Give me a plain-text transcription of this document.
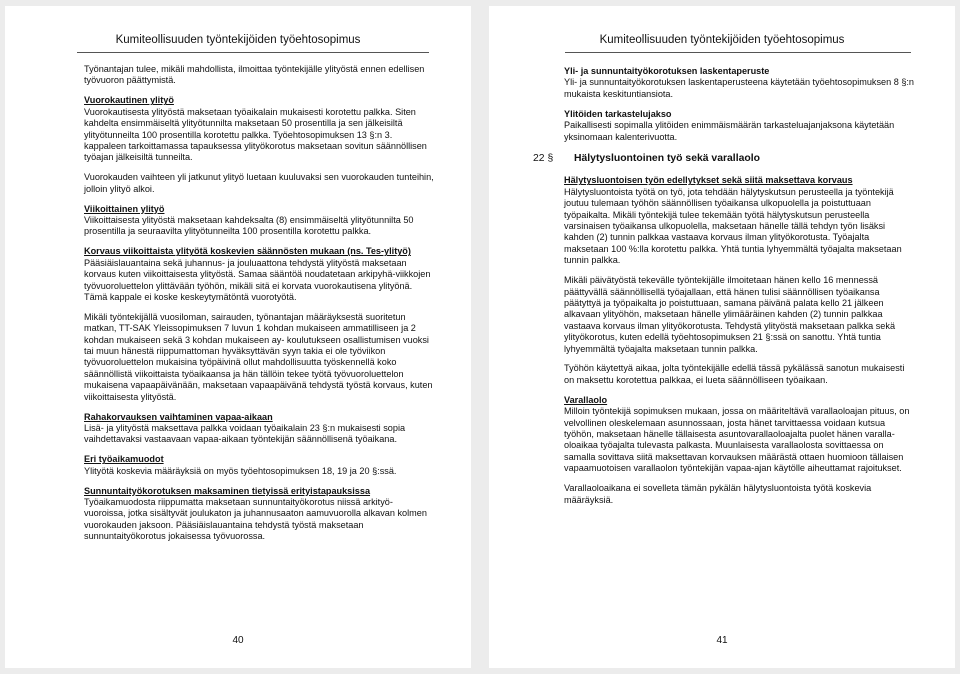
Kumiteollisuuden työntekijöiden työehtosopimus

Työnantajan tulee, mikäli mahdollista, ilmoittaa työntekijälle ylityöstä ennen edellisen työvuoron päättymistä.

Vuorokautinen ylityö
Vuorokautisesta ylityöstä maksetaan työaikalain mukaisesti korotettu palkka. Siten kahdelta ensimmäiseltä ylityötunnilta maksetaan 50 prosentilla ja sen jälkeisiltä ylityötunneilta 100 prosentilla korotettu palkka. Työehtosopimuksen 13 §:n 3. kappaleen tarkoittamassa tapauksessa ylityökorotus maksetaan sovitun säännöllisen työajan jälkeisiltä tunneilta.

Vuorokauden vaihteen yli jatkunut ylityö luetaan kuuluvaksi sen vuorokauden tunteihin, jolloin ylityö alkoi.

Viikoittainen ylityö
Viikoittaisesta ylityöstä maksetaan kahdeksalta (8) ensimmäiseltä ylityötunnilta 50 prosentilla ja seuraavilta ylityötunneilta 100 prosentilla korotettu palkka.

Korvaus viikoittaista ylityötä koskevien säännösten mukaan (ns. Tes-ylityö)
Pääsiäislauantaina sekä juhannus- ja jouluaattona tehdystä ylityöstä maksetaan korvaus kuten viikoittaisesta ylityöstä. Samaa sääntöä noudatetaan arkipyhä-viikkojen työvuoroluettelon ylittävään työhön, mikäli sitä ei korvata vuorokautisena ylityönä. Tämä kappale ei koske keskeytymätöntä vuorotyötä.

Mikäli työntekijällä vuosiloman, sairauden, työnantajan määräyksestä suoritetun matkan, TT-SAK Yleissopimuksen 7 luvun 1 kohdan mukaiseen ammatilliseen ja 2 kohdan mukaiseen sekä 3 kohdan mukaiseen ay- koulutukseen osallistumisen vuoksi tai muun hänestä riippumattoman hyväksyttävän syyn takia ei ole työviikon työvuoroluettelon mukaisina työpäivinä ollut mahdollisuutta työskennellä koko säännöllistä viikoittaista työaikaansa ja hän tällöin tekee työtä työvuoroluettelon mukaisena vapaapäivänään, maksetaan vapaapäivänä tehdystä työstä korvaus, kuten viikoittaisesta ylityöstä.

Rahakorvauksen vaihtaminen vapaa-aikaan
Lisä- ja ylityöstä maksettava palkka voidaan työaikalain 23 §:n mukaisesti sopia vaihdettavaksi vastaavaan vapaa-aikaan työntekijän säännöllisenä työaikana.

Eri työaikamuodot
Ylityötä koskevia määräyksiä on myös työehtosopimuksen 18, 19 ja 20 §:ssä.

Sunnuntaityökorotuksen maksaminen tietyissä erityistapauksissa
Työaikamuodosta riippumatta maksetaan sunnuntaityökorotus niissä arkityö-vuoroissa, jotka sisältyvät joulukaton ja juhannusaaton aamuvuorolla alkavan kolmen vuorokauden jaksoon. Pääsiäislauantaina tehdystä työstä maksetaan sunnuntaityökorotus jokaisessa työvuorossa.

40
Kumiteollisuuden työntekijöiden työehtosopimus

Yli- ja sunnuntaityökorotuksen laskentaperuste
Yli- ja sunnuntaityökorotuksen laskentaperusteena käytetään työehtosopimuksen 8 §:n mukaista keskituntiansiota.

Ylitöiden tarkastelujakso
Paikallisesti sopimalla ylitöiden enimmäismäärän tarkasteluajanjaksona käytetään yksinomaan kalenterivuotta.

22 § Hälytysluontoinen työ sekä varallaolo

Hälytysluontoisen työn edellytykset sekä siitä maksettava korvaus
Hälytysluontoista työtä on työ, jota tehdään hälytyskutsun perusteella ja työntekijä joutuu tulemaan työhön säännöllisen työaikansa ulkopuolella ja poistuttuaan työpaikalta. Mikäli työntekijä tulee tekemään työtä hälytyskutsun perusteella varsinaisen työaikansa ulkopuolella, maksetaan hänelle tällä tehdyn työn lisäksi kahden (2) tunnin palkkaa vastaava korvaus ilman ylityökorotusta. Työajalta maksetaan 100 %:lla korotettu palkka. Yhtä tuntia lyhyemmältä työajalta maksetaan tunnin palkka.

Mikäli päivätyöstä tekevälle työntekijälle ilmoitetaan hänen kello 16 mennessä päättyvällä säännöllisellä työajallaan, että hänen tulisi säännöllisen työaikansa päätyttyä ja työpaikalta jo poistuttuaan, samana päivänä palata kello 21 jälkeen alkavaan ylityöhön, maksetaan hänelle ylimääräinen kahden (2) tunnin palkkaa vastaava korvaus ilman ylityökorotusta. Tehdystä ylityöstä maksetaan palkka sekä ylityökorotus, kuten edellä työehtosopimuksen 21 §:ssä on sanottu. Yhtä tuntia lyhyemmältä työajalta maksetaan tunnin palkka.

Työhön käytettyä aikaa, jolta työntekijälle edellä tässä pykälässä sanotun mukaisesti on maksettu korotettua palkkaa, ei lueta säännölliseen työaikaan.

Varallaolo
Milloin työntekijä sopimuksen mukaan, jossa on määriteltävä varallaoloajan pituus, on velvollinen oleskelemaan asunnossaan, josta hänet tarvittaessa voidaan kutsua työhön, maksetaan hänelle tällaisesta asuntovarallaoloajalta puolet hänen varalla-oloaikaa työajalta tulevasta palkasta. Muunlaisesta varallaolosta sovittaessa on samalla sovittava siitä maksettavan korvauksen määrästä ottaen huomioon tällaisen vapaamuotoisen varallaolon työntekijän vapaa-ajan käytölle aiheuttamat rajoitukset.

Varallaoloaikana ei sovelleta tämän pykälän hälytysluontoista työtä koskevia määräyksiä.

41
